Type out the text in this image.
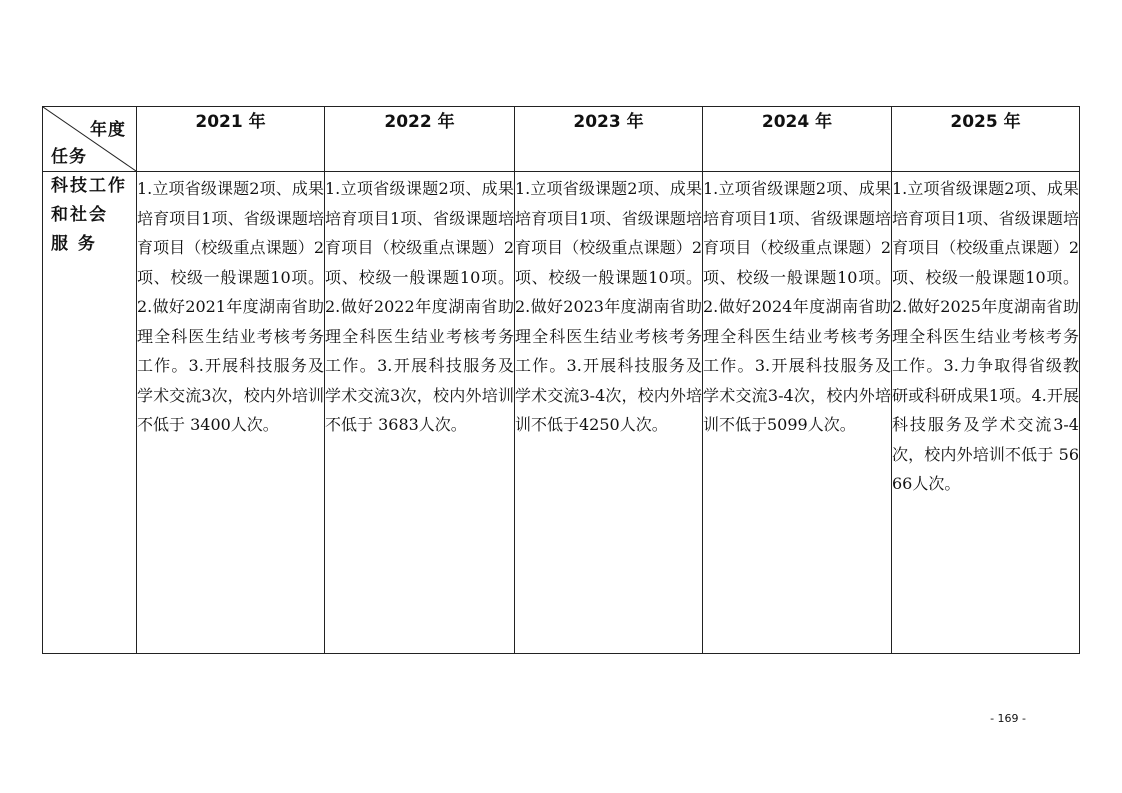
年度
任务	2021 年	2022 年	2023 年	2024 年	2025 年

科技工作
和社会
服 务	1.立项省级课题2项、成果培育项目1项、省级课题培育项目（校级重点课题）2项、校级一般课题10项。2.做好2021年度湖南省助理全科医生结业考核考务工作。3.开展科技服务及学术交流3次，校内外培训不低于 3400人次。	1.立项省级课题2项、成果培育项目1项、省级课题培育项目（校级重点课题）2项、校级一般课题10项。2.做好2022年度湖南省助理全科医生结业考核考务工作。3.开展科技服务及学术交流3次，校内外培训不低于 3683人次。	1.立项省级课题2项、成果培育项目1项、省级课题培育项目（校级重点课题）2项、校级一般课题10项。2.做好2023年度湖南省助理全科医生结业考核考务工作。3.开展科技服务及学术交流3-4次，校内外培训不低于4250人次。	1.立项省级课题2项、成果培育项目1项、省级课题培育项目（校级重点课题）2项、校级一般课题10项。2.做好2024年度湖南省助理全科医生结业考核考务工作。3.开展科技服务及学术交流3-4次，校内外培训不低于5099人次。	1.立项省级课题2项、成果培育项目1项、省级课题培育项目（校级重点课题）2项、校级一般课题10项。2.做好2025年度湖南省助理全科医生结业考核考务工作。3.力争取得省级教研或科研成果1项。4.开展科技服务及学术交流3-4次，校内外培训不低于 5666人次。
- 169 -
